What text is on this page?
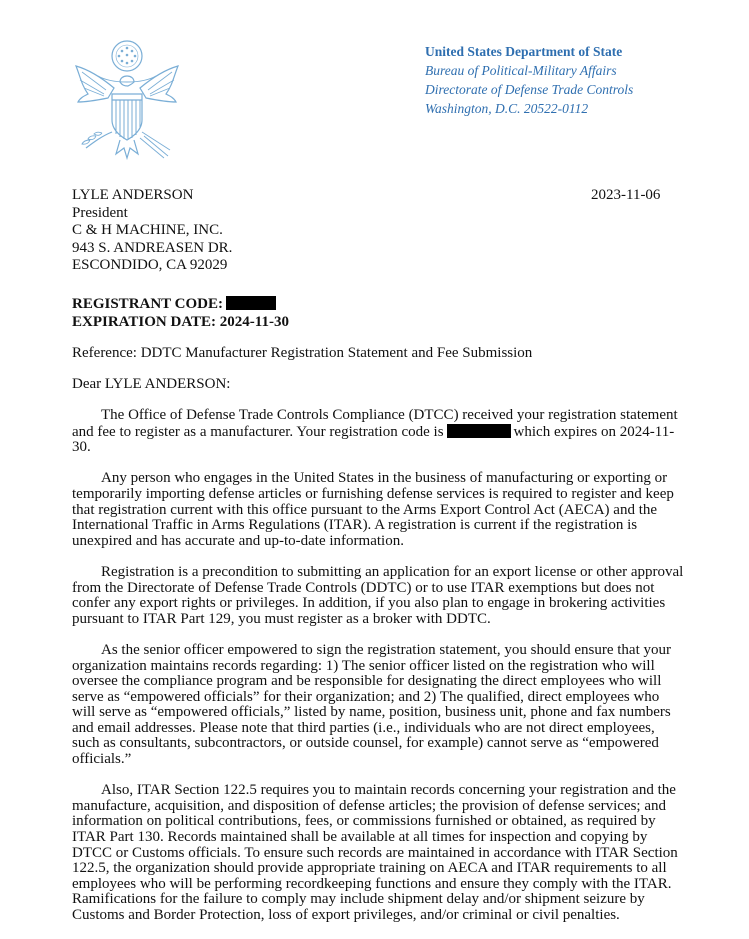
United States Department of State
Bureau of Political-Military Affairs
Directorate of Defense Trade Controls
Washington, D.C. 20522-0112
2023-11-06
LYLE ANDERSON
President
C & H MACHINE, INC.
943 S. ANDREASEN DR.
ESCONDIDO, CA 92029
REGISTRANT CODE:
EXPIRATION DATE: 2024-11-30
Reference: DDTC Manufacturer Registration Statement and Fee Submission
Dear LYLE ANDERSON:

The Office of Defense Trade Controls Compliance (DTCC) received your registration statement and fee to register as a manufacturer. Your registration code is	which expires on 2024-11-30.

Any person who engages in the United States in the business of manufacturing or exporting or temporarily importing defense articles or furnishing defense services is required to register and keep that registration current with this office pursuant to the Arms Export Control Act (AECA) and the International Traffic in Arms Regulations (ITAR). A registration is current if the registration is unexpired and has accurate and up-to-date information.

Registration is a precondition to submitting an application for an export license or other approval from the Directorate of Defense Trade Controls (DDTC) or to use ITAR exemptions but does not confer any export rights or privileges. In addition, if you also plan to engage in brokering activities pursuant to ITAR Part 129, you must register as a broker with DDTC.

As the senior officer empowered to sign the registration statement, you should ensure that your organization maintains records regarding: 1) The senior officer listed on the registration who will oversee the compliance program and be responsible for designating the direct employees who will serve as “empowered officials” for their organization; and 2) The qualified, direct employees who will serve as “empowered officials,” listed by name, position, business unit, phone and fax numbers and email addresses. Please note that third parties (i.e., individuals who are not direct employees, such as consultants, subcontractors, or outside counsel, for example) cannot serve as “empowered officials.”

Also, ITAR Section 122.5 requires you to maintain records concerning your registration and the manufacture, acquisition, and disposition of defense articles; the provision of defense services; and information on political contributions, fees, or commissions furnished or obtained, as required by ITAR Part 130. Records maintained shall be available at all times for inspection and copying by DTCC or Customs officials. To ensure such records are maintained in accordance with ITAR Section 122.5, the organization should provide appropriate training on AECA and ITAR requirements to all employees who will be performing recordkeeping functions and ensure they comply with the ITAR. Ramifications for the failure to comply may include shipment delay and/or shipment seizure by Customs and Border Protection, loss of export privileges, and/or criminal or civil penalties.
